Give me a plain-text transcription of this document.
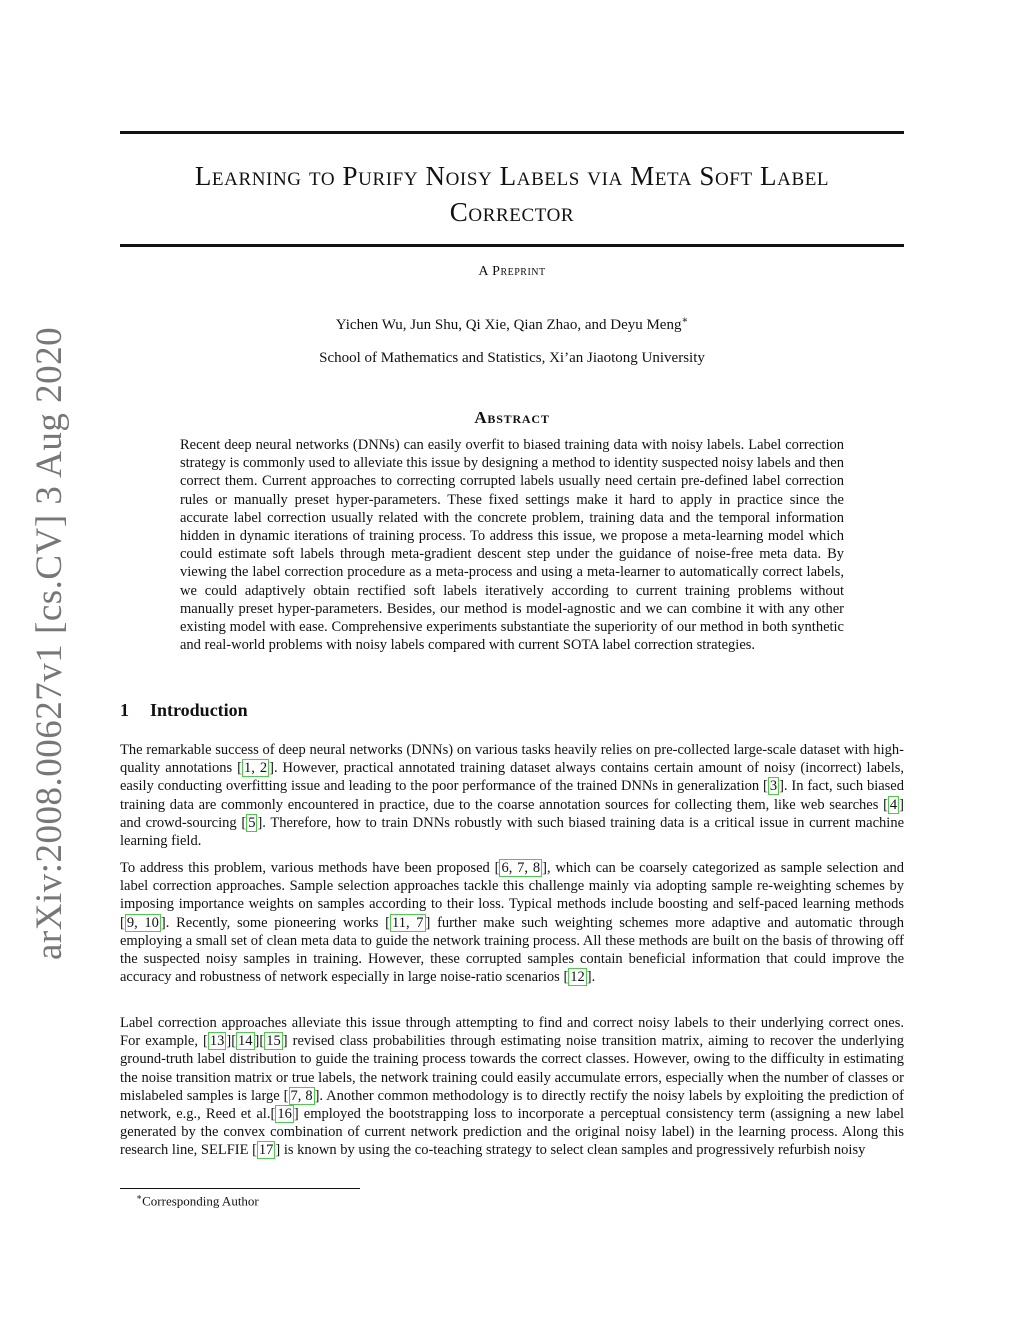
arXiv:2008.00627v1 [cs.CV] 3 Aug 2020
Learning to Purify Noisy Labels via Meta Soft Label
Corrector
A Preprint
Yichen Wu, Jun Shu, Qi Xie, Qian Zhao, and Deyu Meng∗
School of Mathematics and Statistics, Xi’an Jiaotong University
Abstract

Recent deep neural networks (DNNs) can easily overfit to biased training data with noisy labels. Label correction strategy is commonly used to alleviate this issue by designing a method to identity suspected noisy labels and then correct them. Current approaches to correcting corrupted labels usually need certain pre-defined label correction rules or manually preset hyper-parameters. These fixed settings make it hard to apply in practice since the accurate label correction usually related with the concrete problem, training data and the temporal information hidden in dynamic iterations of training process. To address this issue, we propose a meta-learning model which could estimate soft labels through meta-gradient descent step under the guidance of noise-free meta data. By viewing the label correction procedure as a meta-process and using a meta-learner to automatically correct labels, we could adaptively obtain rectified soft labels iteratively according to current training problems without manually preset hyper-parameters. Besides, our method is model-agnostic and we can combine it with any other existing model with ease. Comprehensive experiments substantiate the superiority of our method in both synthetic and real-world problems with noisy labels compared with current SOTA label correction strategies.

1 Introduction

The remarkable success of deep neural networks (DNNs) on various tasks heavily relies on pre-collected large-scale dataset with high-quality annotations [ 1, 2 ]. However, practical annotated training dataset always contains certain amount of noisy (incorrect) labels, easily conducting overfitting issue and leading to the poor performance of the trained DNNs in generalization [ 3 ]. In fact, such biased training data are commonly encountered in practice, due to the coarse annotation sources for collecting them, like web searches [ 4 ] and crowd-sourcing [ 5 ]. Therefore, how to train DNNs robustly with such biased training data is a critical issue in current machine learning field.

To address this problem, various methods have been proposed [ 6, 7, 8 ], which can be coarsely categorized as sample selection and label correction approaches. Sample selection approaches tackle this challenge mainly via adopting sample re-weighting schemes by imposing importance weights on samples according to their loss. Typical methods include boosting and self-paced learning methods [ 9, 10 ]. Recently, some pioneering works [ 11, 7 ] further make such weighting schemes more adaptive and automatic through employing a small set of clean meta data to guide the network training process. All these methods are built on the basis of throwing off the suspected noisy samples in training. However, these corrupted samples contain beneficial information that could improve the accuracy and robustness of network especially in large noise-ratio scenarios [ 12 ].

Label correction approaches alleviate this issue through attempting to find and correct noisy labels to their underlying correct ones. For example, [ 13 ][ 14 ][ 15 ] revised class probabilities through estimating noise transition matrix, aiming to recover the underlying ground-truth label distribution to guide the training process towards the correct classes. However, owing to the difficulty in estimating the noise transition matrix or true labels, the network training could easily accumulate errors, especially when the number of classes or mislabeled samples is large [ 7, 8 ]. Another common methodology is to directly rectify the noisy labels by exploiting the prediction of network, e.g., Reed et al.[ 16 ] employed the bootstrapping loss to incorporate a perceptual consistency term (assigning a new label generated by the convex combination of current network prediction and the original noisy label) in the learning process. Along this research line, SELFIE [ 17 ] is known by using the co-teaching strategy to select clean samples and progressively refurbish noisy

∗Corresponding Author
